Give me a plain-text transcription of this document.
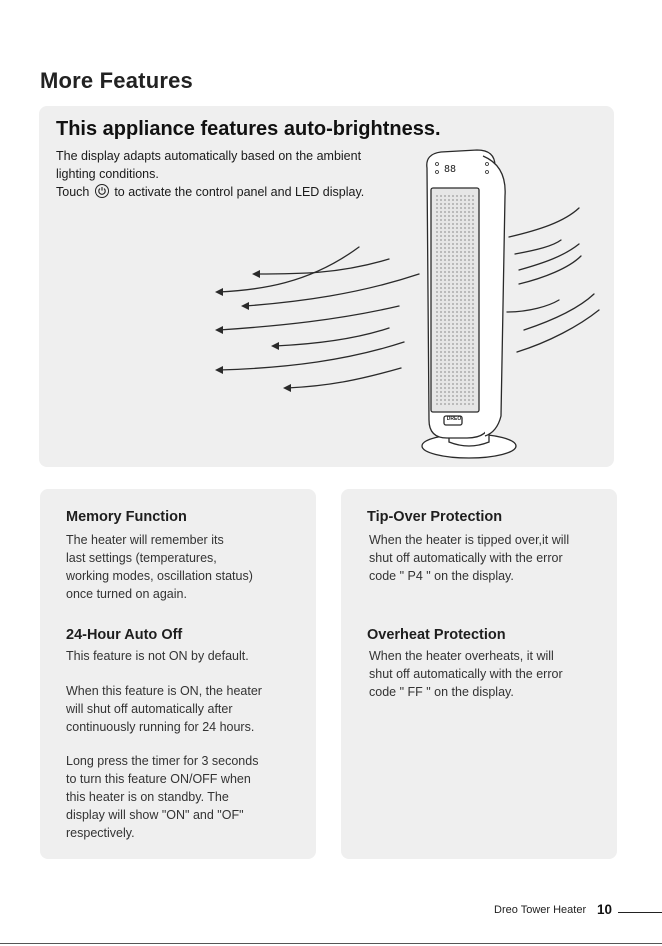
More Features
This appliance features auto-brightness.
The display adapts automatically based on the ambient
lighting conditions.
Touch to activate the control panel and LED display.
DREO
88
Memory Function

The heater will remember its

last settings (temperatures,

working modes, oscillation status)

once turned on again.

24-Hour Auto Off

This feature is not ON by default.

When this feature is ON, the heater

will shut off automatically after

continuously running for 24 hours.

Long press the timer for 3 seconds

to turn this feature ON/OFF when

this heater is on standby. The

display will show "ON" and "OF"

respectively.

Tip-Over Protection

When the heater is tipped over,it will

shut off automatically with the error

code " P4 " on the display.

Overheat Protection

When the heater overheats, it will

shut off automatically with the error

code " FF " on the display.

Dreo Tower Heater 10
